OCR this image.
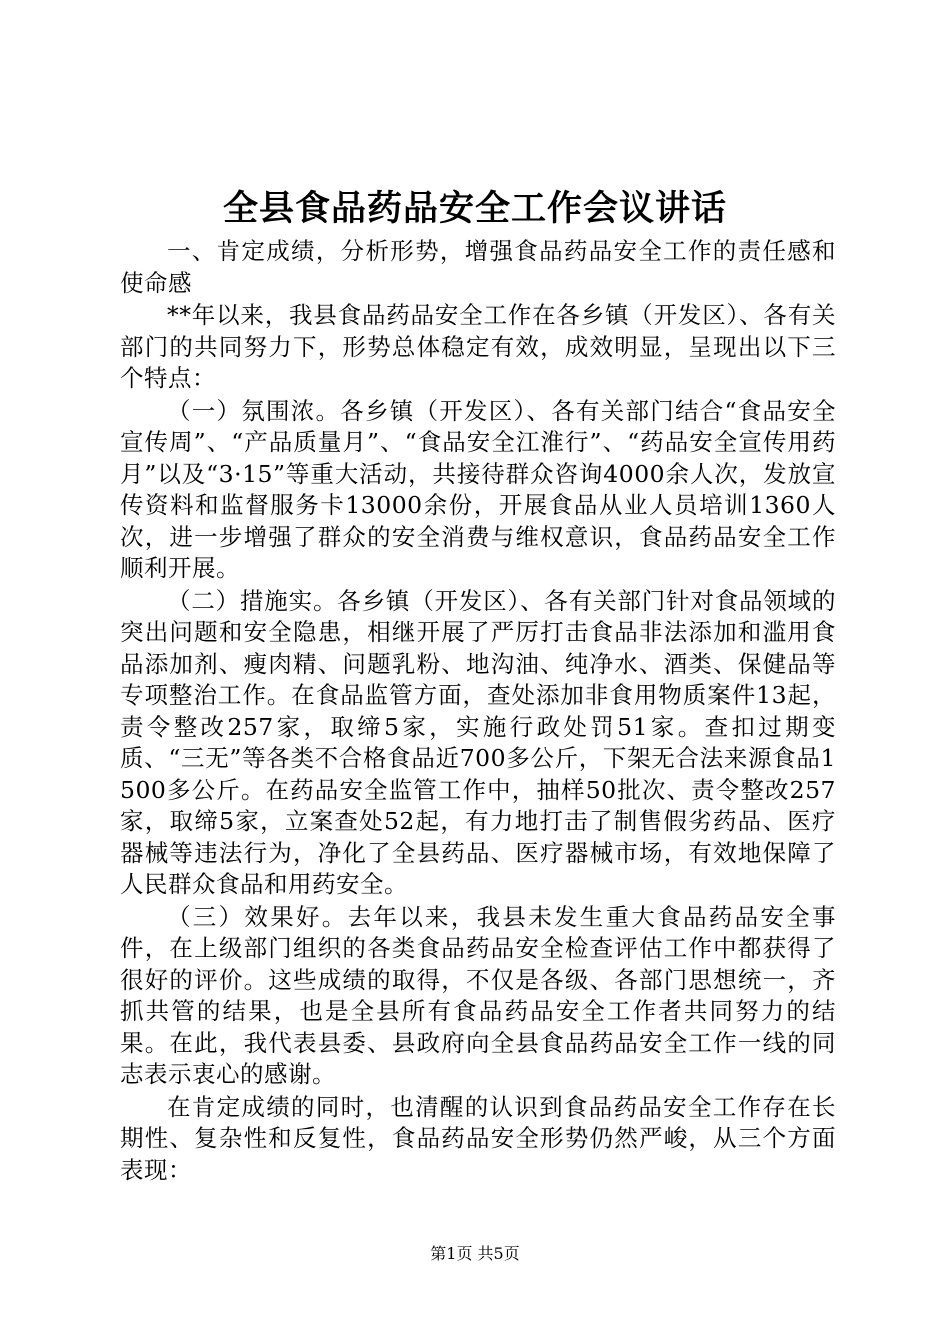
全县食品药品安全工作会议讲话

一、肯定成绩，分析形势，增强食品药品安全工作的责任感和使命感

**年以来，我县食品药品安全工作在各乡镇（开发区）、各有关部门的共同努力下，形势总体稳定有效，成效明显，呈现出以下三个特点：

（一）氛围浓。各乡镇（开发区）、各有关部门结合“食品安全宣传周”、“产品质量月”、“食品安全江淮行”、“药品安全宣传用药月”以及“3·15”等重大活动，共接待群众咨询4000余人次，发放宣传资料和监督服务卡13000余份，开展食品从业人员培训1360人次，进一步增强了群众的安全消费与维权意识，食品药品安全工作顺利开展。

（二）措施实。各乡镇（开发区）、各有关部门针对食品领域的突出问题和安全隐患，相继开展了严厉打击食品非法添加和滥用食品添加剂、瘦肉精、问题乳粉、地沟油、纯净水、酒类、保健品等专项整治工作。在食品监管方面，查处添加非食用物质案件13起，责令整改257家，取缔5家，实施行政处罚51家。查扣过期变质、“三无”等各类不合格食品近700多公斤，下架无合法来源食品1500多公斤。在药品安全监管工作中，抽样50批次、责令整改257家，取缔5家，立案查处52起，有力地打击了制售假劣药品、医疗器械等违法行为，净化了全县药品、医疗器械市场，有效地保障了人民群众食品和用药安全。

（三）效果好。去年以来，我县未发生重大食品药品安全事件，在上级部门组织的各类食品药品安全检查评估工作中都获得了很好的评价。这些成绩的取得，不仅是各级、各部门思想统一，齐抓共管的结果，也是全县所有食品药品安全工作者共同努力的结果。在此，我代表县委、县政府向全县食品药品安全工作一线的同志表示衷心的感谢。

在肯定成绩的同时，也清醒的认识到食品药品安全工作存在长期性、复杂性和反复性，食品药品安全形势仍然严峻，从三个方面表现：

第1页 共5页
